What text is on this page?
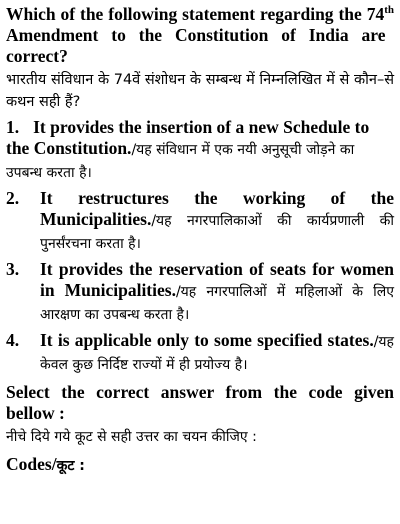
Which of the following statement regarding the 74th Amendment to the Constitution of India are correct?

भारतीय संविधान के 74वें संशोधन के सम्बन्ध में निम्नलिखित में से कौन–से कथन सही हैं?
1. It provides the insertion of a new Schedule to the Constitution./यह संविधान में एक नयी अनुसूची जोड़ने का उपबन्ध करता है।
2.	It restructures the working of the Municipalities./यह नगरपालिकाओं की कार्यप्रणाली की पुनर्संरचना करता है।
3.	It provides the reservation of seats for women in Municipalities./यह नगरपालिओं में महिलाओं के लिए आरक्षण का उपबन्ध करता है।
4.	It is applicable only to some specified states./यह केवल कुछ निर्दिष्ट राज्यों में ही प्रयोज्य है।
Select the correct answer from the code given bellow :
नीचे दिये गये कूट से सही उत्तर का चयन कीजिए :
Codes/कूट :
